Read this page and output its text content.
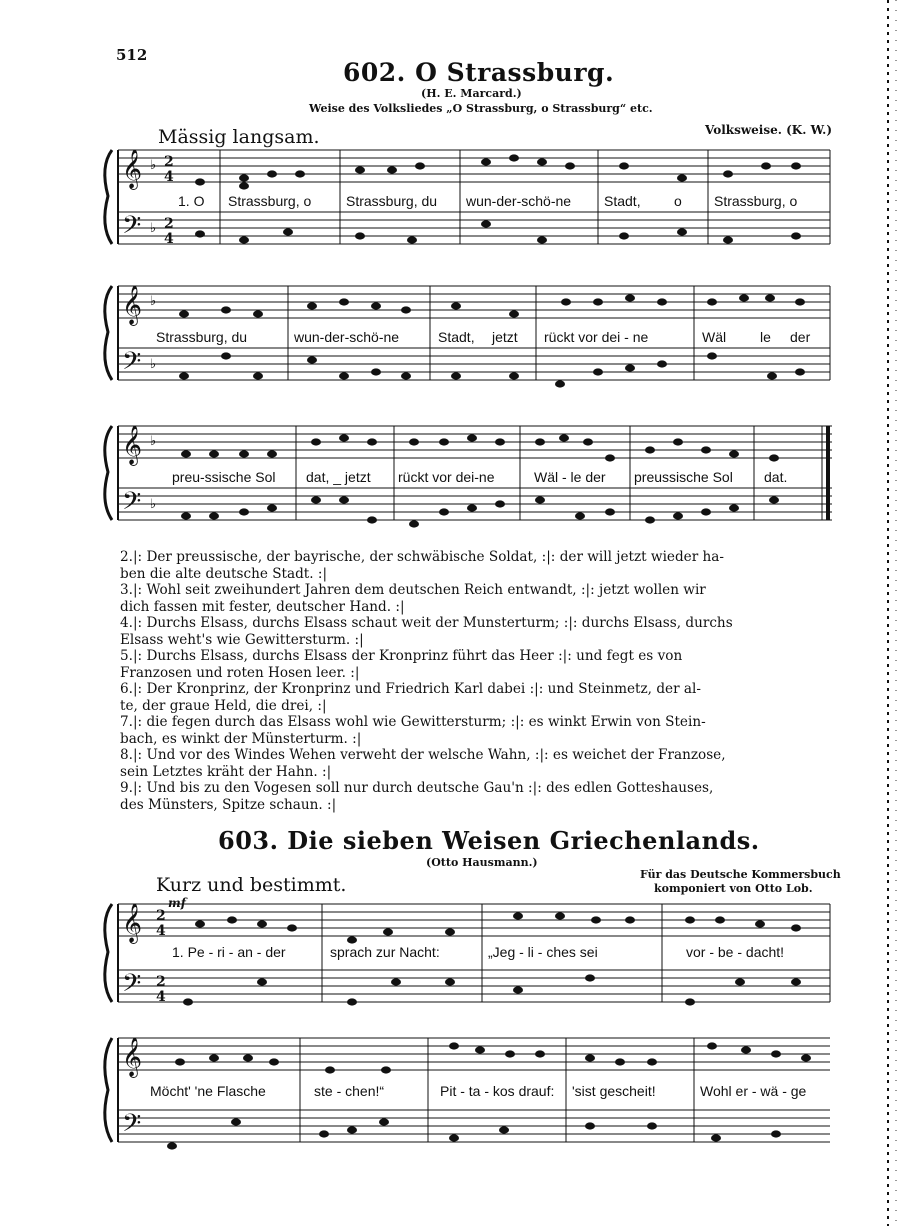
512
602. O Strassburg.
(H. E. Marcard.)
Weise des Volksliedes „O Strassburg, o Strassburg“ etc.
Mässig langsam.	Volksweise. (K. W.)
𝄞
𝄢
♭
♭
2
4
2
4
1. O Strassburg, o Strassburg, du wun-der-schö-ne Stadt, o Strassburg, o
𝄞
𝄢
♭
♭
Strassburg, du	wun-der-schö-ne	Stadt, jetzt rückt vor dei - ne	Wäl le der
𝄞
𝄢
♭
♭
preu-ssische Sol dat, _ jetzt rückt vor dei-ne	Wäl - le der preussische Sol dat.
2.|: Der preussische, der bayrische, der schwäbische Soldat, :|: der will jetzt wieder ha-
ben die alte deutsche Stadt. :|
3.|: Wohl seit zweihundert Jahren dem deutschen Reich entwandt, :|: jetzt wollen wir
dich fassen mit fester, deutscher Hand. :|
4.|: Durchs Elsass, durchs Elsass schaut weit der Munsterturm; :|: durchs Elsass, durchs
Elsass weht's wie Gewittersturm. :|
5.|: Durchs Elsass, durchs Elsass der Kronprinz führt das Heer :|: und fegt es von
Franzosen und roten Hosen leer. :|
6.|: Der Kronprinz, der Kronprinz und Friedrich Karl dabei :|: und Steinmetz, der al-
te, der graue Held, die drei, :|
7.|: die fegen durch das Elsass wohl wie Gewittersturm; :|: es winkt Erwin von Stein-
bach, es winkt der Münsterturm. :|
8.|: Und vor des Windes Wehen verweht der welsche Wahn, :|: es weichet der Franzose,
sein Letztes kräht der Hahn. :|
9.|: Und bis zu den Vogesen soll nur durch deutsche Gau'n :|: des edlen Gotteshauses,
des Münsters, Spitze schaun. :|
603. Die sieben Weisen Griechenlands.
(Otto Hausmann.)
Für das Deutsche Kommersbuch
komponiert von Otto Lob.
Kurz und bestimmt.
mf
𝄞
𝄢
2
4
2
4
1. Pe - ri - an - der	sprach zur Nacht:	„Jeg - li - ches sei	vor - be - dacht!
𝄞
𝄢
Möcht' 'ne Flasche	ste - chen!“	Pit - ta - kos drauf: 'sist gescheit!	Wohl er - wä - ge
